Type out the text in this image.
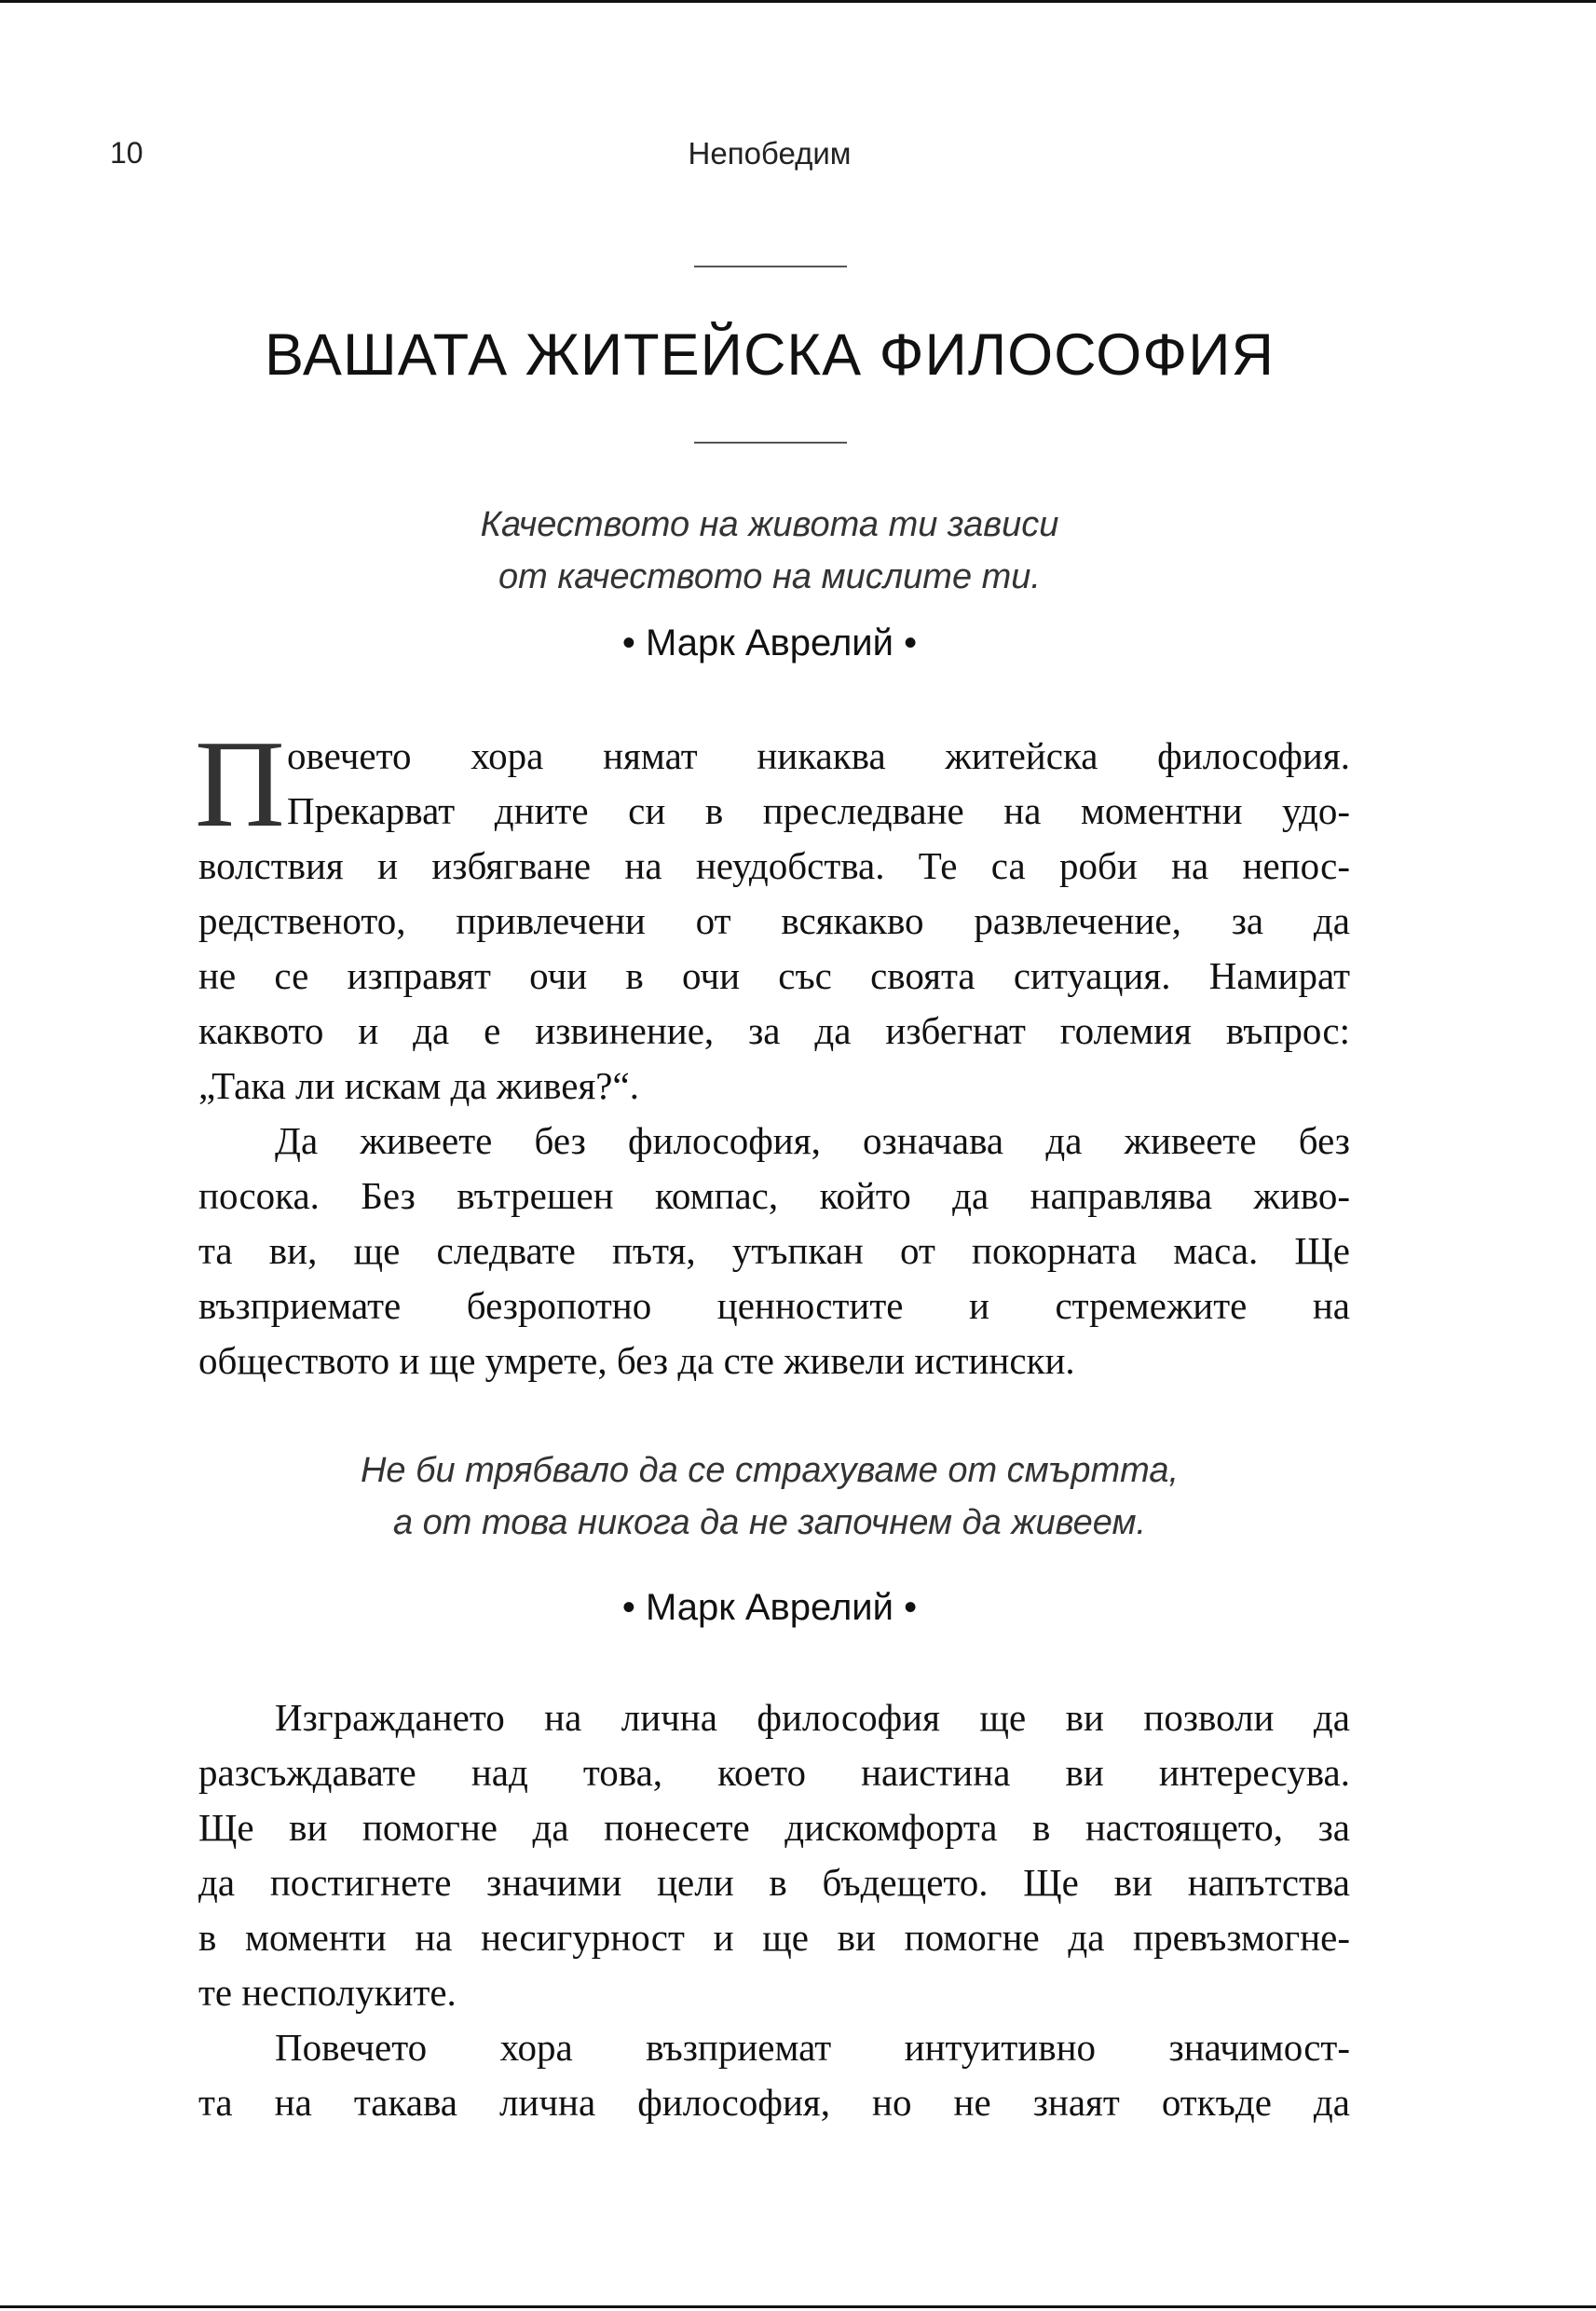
10	Непобедим
ВАШАТА ЖИТЕЙСКА ФИЛОСОФИЯ
Качеството на живота ти зависи
от качеството на мислите ти.
• Марк Аврелий •
П овечето хора нямат никаква житейска философия.
Прекарват дните си в преследване на моментни удо-
волствия и избягване на неудобства. Те са роби на непос-
редственото, привлечени от всякакво развлечение, за да
не се изправят очи в очи със своята ситуация. Намират
каквото и да е извинение, за да избегнат големия въпрос:
„Така ли искам да живея?“.
Да живеете без философия, означава да живеете без
посока. Без вътрешен компас, който да направлява живо-
та ви, ще следвате пътя, утъпкан от покорната маса. Ще
възприемате безропотно ценностите и стремежите на
обществото и ще умрете, без да сте живели истински.
Не би трябвало да се страхуваме от смъртта,
а от това никога да не започнем да живеем.
• Марк Аврелий •
Изграждането на лична философия ще ви позволи да
разсъждавате над това, което наистина ви интересува.
Ще ви помогне да понесете дискомфорта в настоящето, за
да постигнете значими цели в бъдещето. Ще ви напътства
в моменти на несигурност и ще ви помогне да превъзмогне-
те несполуките.
Повечето хора възприемат интуитивно значимост-
та на такава лична философия, но не знаят откъде да
